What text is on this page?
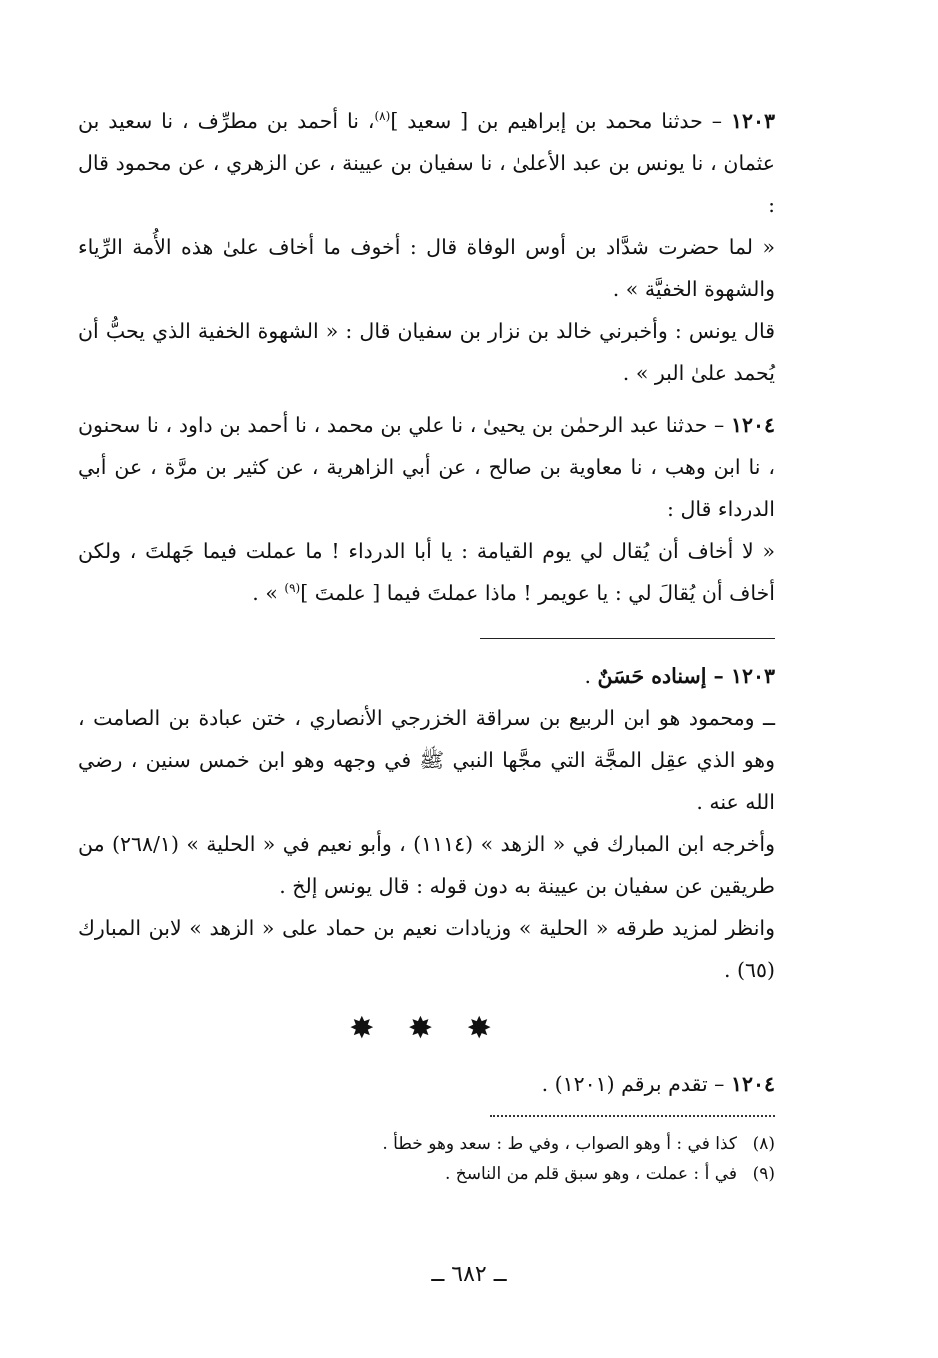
١٢٠٣ – حدثنا محمد بن إبراهيم بن [ سعيد ]$^{(٨)}$، نا أحمد بن مطرِّف ، نا سعيد بن عثمان ، نا يونس بن عبد الأعلىٰ ، نا سفيان بن عيينة ، عن الزهري ، عن محمود قال :

« لما حضرت شدَّاد بن أوس الوفاة قال : أخوف ما أخاف علىٰ هذه الأُمة الرِّياء والشهوة الخفيَّة » .

قال يونس : وأخبرني خالد بن نزار بن سفيان قال : « الشهوة الخفية الذي يحبُّ أن يُحمد علىٰ البر » .

١٢٠٤ – حدثنا عبد الرحمٰن بن يحيىٰ ، نا علي بن محمد ، نا أحمد بن داود ، نا سحنون ، نا ابن وهب ، نا معاوية بن صالح ، عن أبي الزاهرية ، عن كثير بن مرَّة ، عن أبي الدرداء قال :

« لا أخاف أن يُقال لي يوم القيامة : يا أبا الدرداء ! ما عملت فيما جَهلتَ ، ولكن أخاف أن يُقالَ لي : يا عويمر ! ماذا عملتَ فيما [ علمتَ ]$^{(٩)}$ » .

١٢٠٣ – إسناده حَسَنٌ .

ــ ومحمود هو ابن الربيع بن سراقة الخزرجي الأنصاري ، ختن عبادة بن الصامت ، وهو الذي عقِل المجَّة التي مجَّها النبي ﷺ في وجهه وهو ابن خمس سنين ، رضي الله عنه .

وأخرجه ابن المبارك في « الزهد » (١١١٤) ، وأبو نعيم في « الحلية » (٢٦٨/١) من طريقين عن سفيان بن عيينة به دون قوله : قال يونس إلخ .

وانظر لمزيد طرقه « الحلية » وزيادات نعيم بن حماد على « الزهد » لابن المبارك (٦٥) .

✸ ✸ ✸

١٢٠٤ – تقدم برقم (١٢٠١) .

(٨)كذا في : أ وهو الصواب ، وفي ط : سعد وهو خطأ .

(٩)في أ : عملت ، وهو سبق قلم من الناسخ .

ــ ٦٨٢ ــ
